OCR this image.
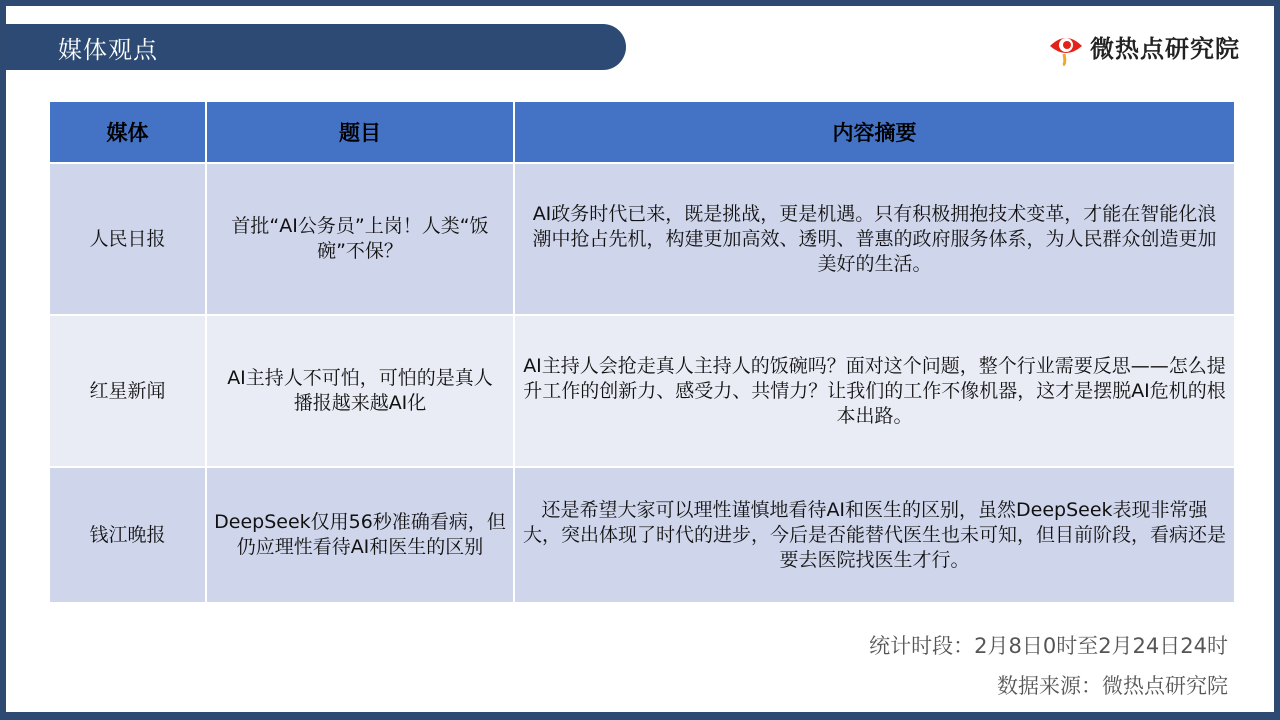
媒体观点	微热点研究院
媒体	题目	内容摘要
人民日报	首批“AI公务员”上岗！人类“饭碗”不保？	AI政务时代已来，既是挑战，更是机遇。只有积极拥抱技术变革，才能在智能化浪潮中抢占先机，构建更加高效、透明、普惠的政府服务体系，为人民群众创造更加美好的生活。
红星新闻	AI主持人不可怕，可怕的是真人播报越来越AI化	AI主持人会抢走真人主持人的饭碗吗？面对这个问题，整个行业需要反思——怎么提升工作的创新力、感受力、共情力？让我们的工作不像机器，这才是摆脱AI危机的根本出路。
钱江晚报	DeepSeek仅用56秒准确看病，但仍应理性看待AI和医生的区别	还是希望大家可以理性谨慎地看待AI和医生的区别，虽然DeepSeek表现非常强大，突出体现了时代的进步，今后是否能替代医生也未可知，但目前阶段，看病还是要去医院找医生才行。
统计时段：2月8日0时至2月24日24时
数据来源：微热点研究院
